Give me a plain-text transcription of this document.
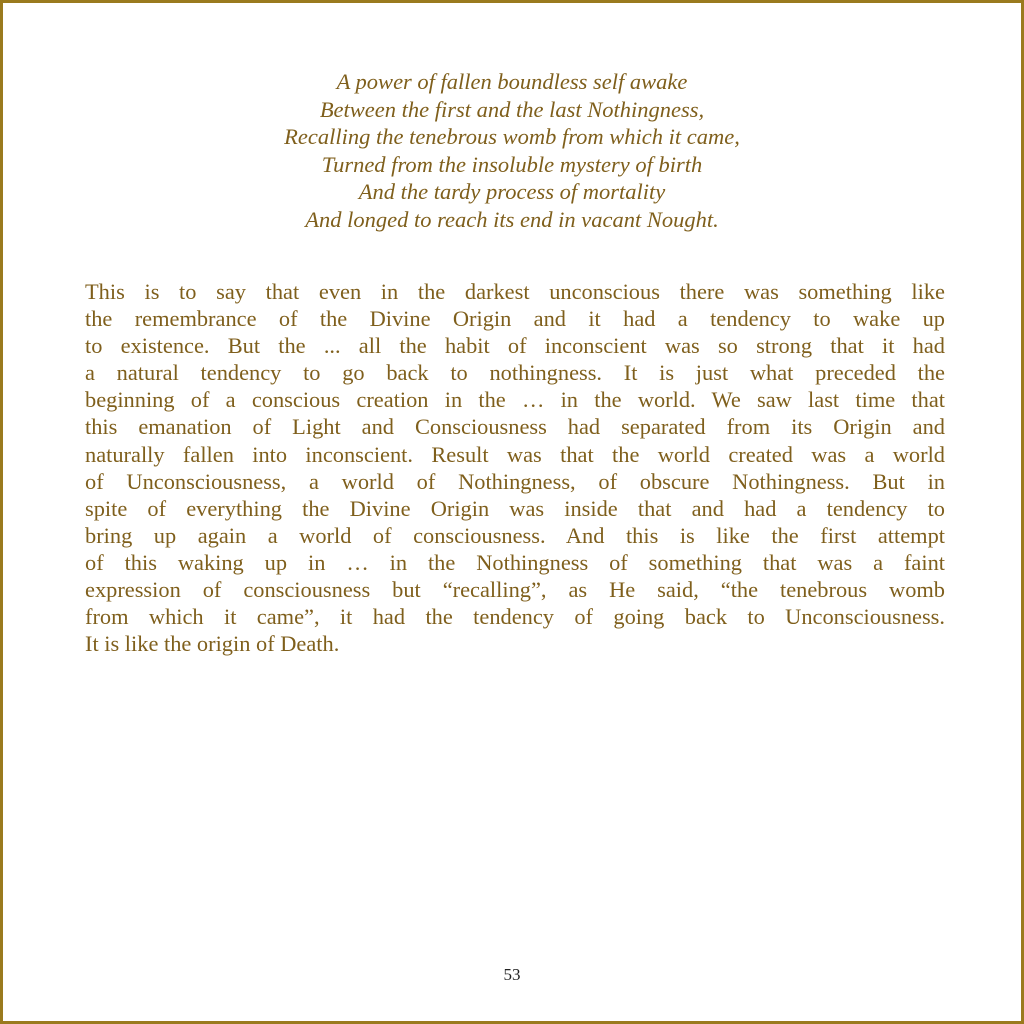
A power of fallen boundless self awake
Between the first and the last Nothingness,
Recalling the tenebrous womb from which it came,
Turned from the insoluble mystery of birth
And the tardy process of mortality
And longed to reach its end in vacant Nought.
This is to say that even in the darkest unconscious there was something like
the remembrance of the Divine Origin and it had a tendency to wake up
to existence. But the ... all the habit of inconscient was so strong that it had
a natural tendency to go back to nothingness. It is just what preceded the
beginning of a conscious creation in the … in the world. We saw last time that
this emanation of Light and Consciousness had separated from its Origin and
naturally fallen into inconscient. Result was that the world created was a world
of Unconsciousness, a world of Nothingness, of obscure Nothingness. But in
spite of everything the Divine Origin was inside that and had a tendency to
bring up again a world of consciousness. And this is like the first attempt
of this waking up in … in the Nothingness of something that was a faint
expression of consciousness but “recalling”, as He said, “the tenebrous womb
from which it came”, it had the tendency of going back to Unconsciousness.
It is like the origin of Death.
53
